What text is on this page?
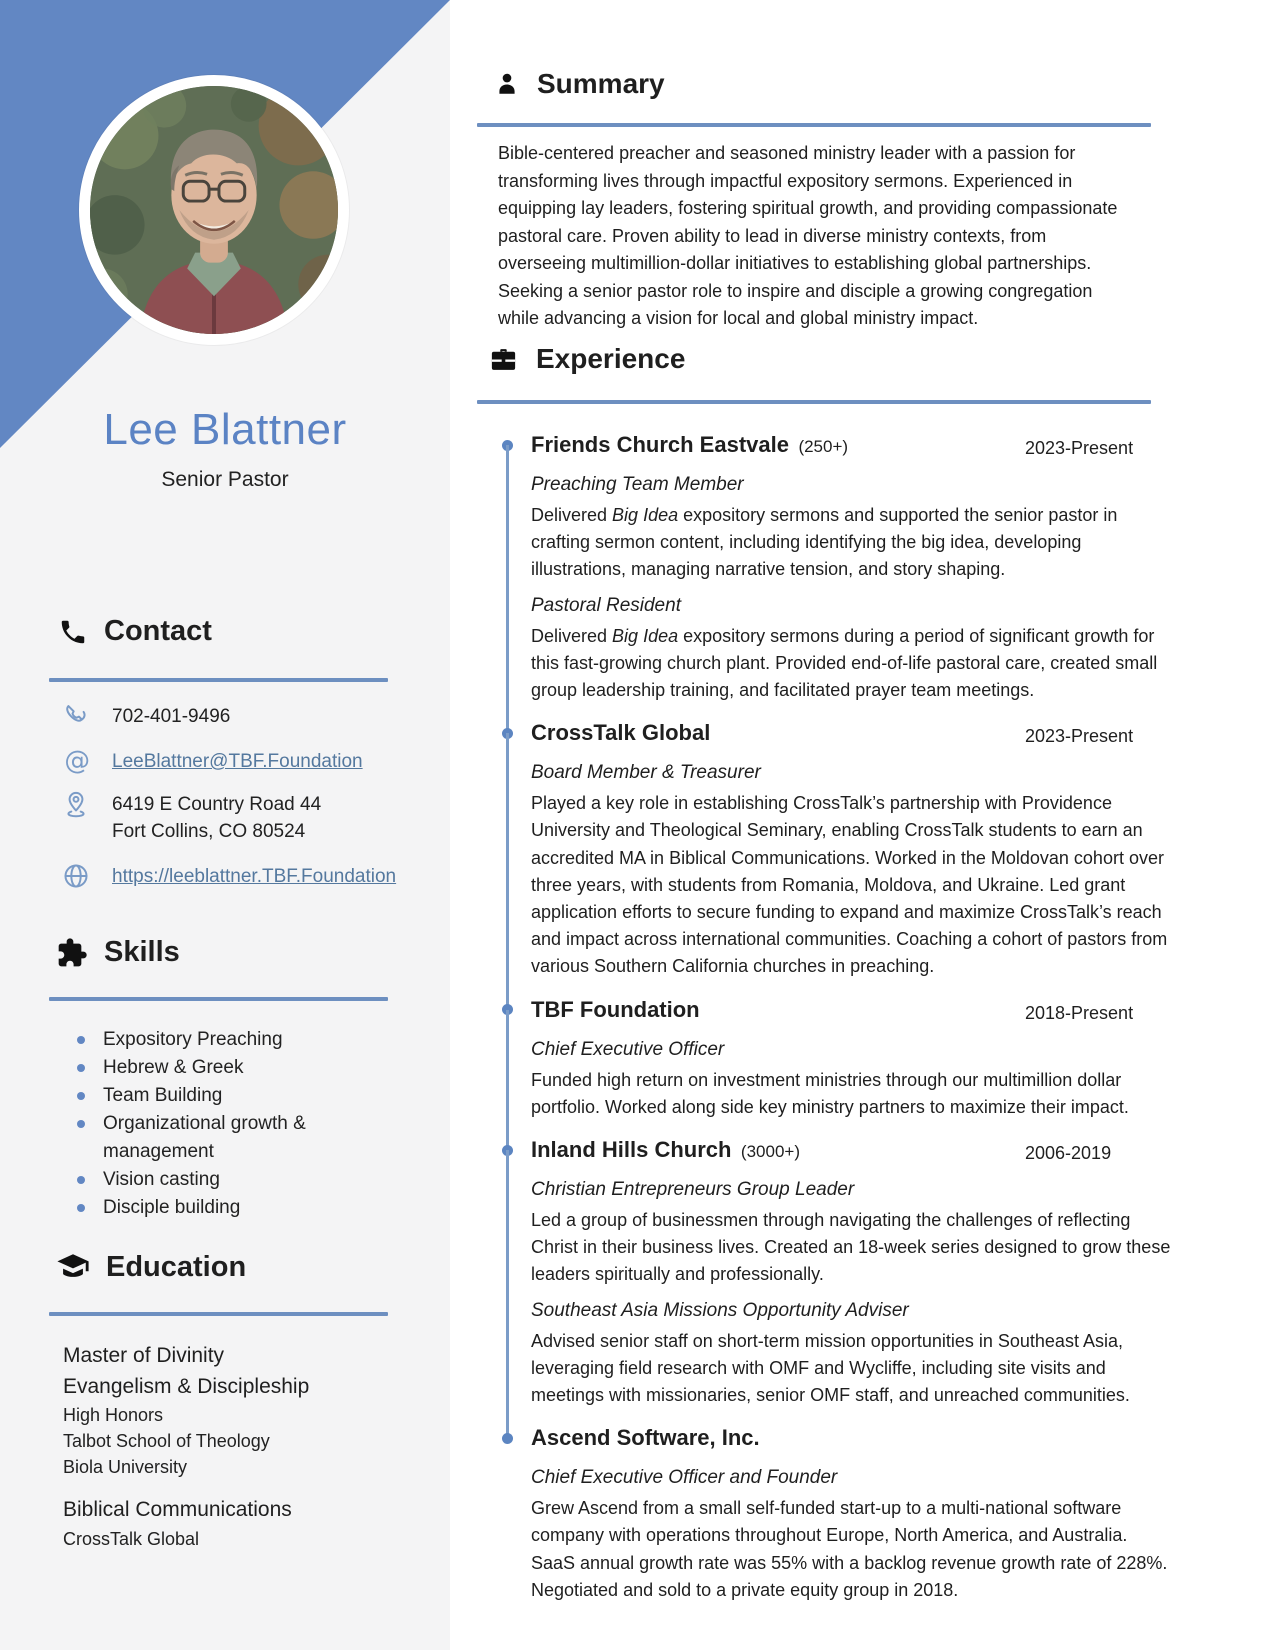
Lee Blattner
Senior Pastor
Contact
702-401-9496
@ LeeBlattner@TBF.Foundation
6419 E Country Road 44
Fort Collins, CO 80524
https://leeblattner.TBF.Foundation
Skills
Expository Preaching
Hebrew & Greek
Team Building
Organizational growth & management
Vision casting
Disciple building
Education
Master of Divinity
Evangelism & Discipleship
High Honors
Talbot School of Theology
Biola University
Biblical Communications
CrossTalk Global
Summary
Bible-centered preacher and seasoned ministry leader with a passion for transforming lives through impactful expository sermons. Experienced in equipping lay leaders, fostering spiritual growth, and providing compassionate pastoral care. Proven ability to lead in diverse ministry contexts, from overseeing multimillion-dollar initiatives to establishing global partnerships. Seeking a senior pastor role to inspire and disciple a growing congregation while advancing a vision for local and global ministry impact.
Experience
Friends Church Eastvale (250+)	2023-Present
Preaching Team Member
Delivered Big Idea expository sermons and supported the senior pastor in crafting sermon content, including identifying the big idea, developing illustrations, managing narrative tension, and story shaping.
Pastoral Resident
Delivered Big Idea expository sermons during a period of significant growth for this fast-growing church plant. Provided end-of-life pastoral care, created small group leadership training, and facilitated prayer team meetings.
CrossTalk Global	2023-Present
Board Member & Treasurer
Played a key role in establishing CrossTalk’s partnership with Providence University and Theological Seminary, enabling CrossTalk students to earn an accredited MA in Biblical Communications. Worked in the Moldovan cohort over three years, with students from Romania, Moldova, and Ukraine. Led grant application efforts to secure funding to expand and maximize CrossTalk’s reach and impact across international communities. Coaching a cohort of pastors from various Southern California churches in preaching.
TBF Foundation	2018-Present
Chief Executive Officer
Funded high return on investment ministries through our multimillion dollar portfolio. Worked along side key ministry partners to maximize their impact.
Inland Hills Church (3000+)	2006-2019
Christian Entrepreneurs Group Leader
Led a group of businessmen through navigating the challenges of reflecting Christ in their business lives. Created an 18-week series designed to grow these leaders spiritually and professionally.
Southeast Asia Missions Opportunity Adviser
Advised senior staff on short-term mission opportunities in Southeast Asia, leveraging field research with OMF and Wycliffe, including site visits and meetings with missionaries, senior OMF staff, and unreached communities.
Ascend Software, Inc.
Chief Executive Officer and Founder
Grew Ascend from a small self-funded start-up to a multi-national software company with operations throughout Europe, North America, and Australia. SaaS annual growth rate was 55% with a backlog revenue growth rate of 228%. Negotiated and sold to a private equity group in 2018.
